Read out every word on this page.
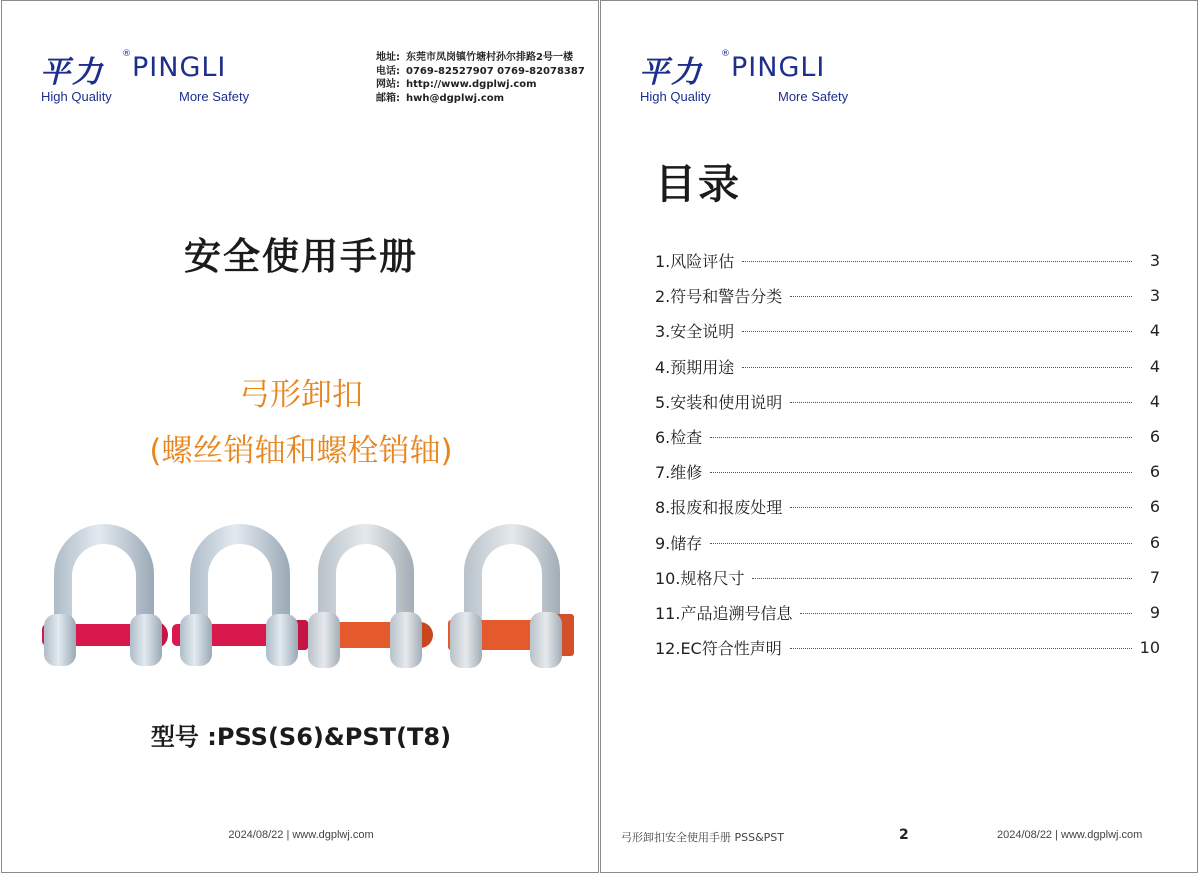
平力
® PINGLI
High Quality	More Safety
地址: 东莞市凤岗镇竹塘村孙尔排路2号一楼
电话: 0769-82527907 0769-82078387
网站: http://www.dgplwj.com
邮箱: hwh@dgplwj.com
安全使用手册
弓形卸扣
(螺丝销轴和螺栓销轴)
型号 :PSS(S6)&PST(T8)
2024/08/22 | www.dgplwj.com
平力
® PINGLI
High Quality	More Safety
目录
1.风险评估	3
2.符号和警告分类	3
3.安全说明	4
4.预期用途	4
5.安装和使用说明	4
6.检查	6
7.维修	6
8.报废和报废处理	6
9.储存	6
10.规格尺寸	7
11.产品追溯号信息	9
12.EC符合性声明	10
弓形卸扣安全使用手册 PSS&PST	2	2024/08/22 | www.dgplwj.com
